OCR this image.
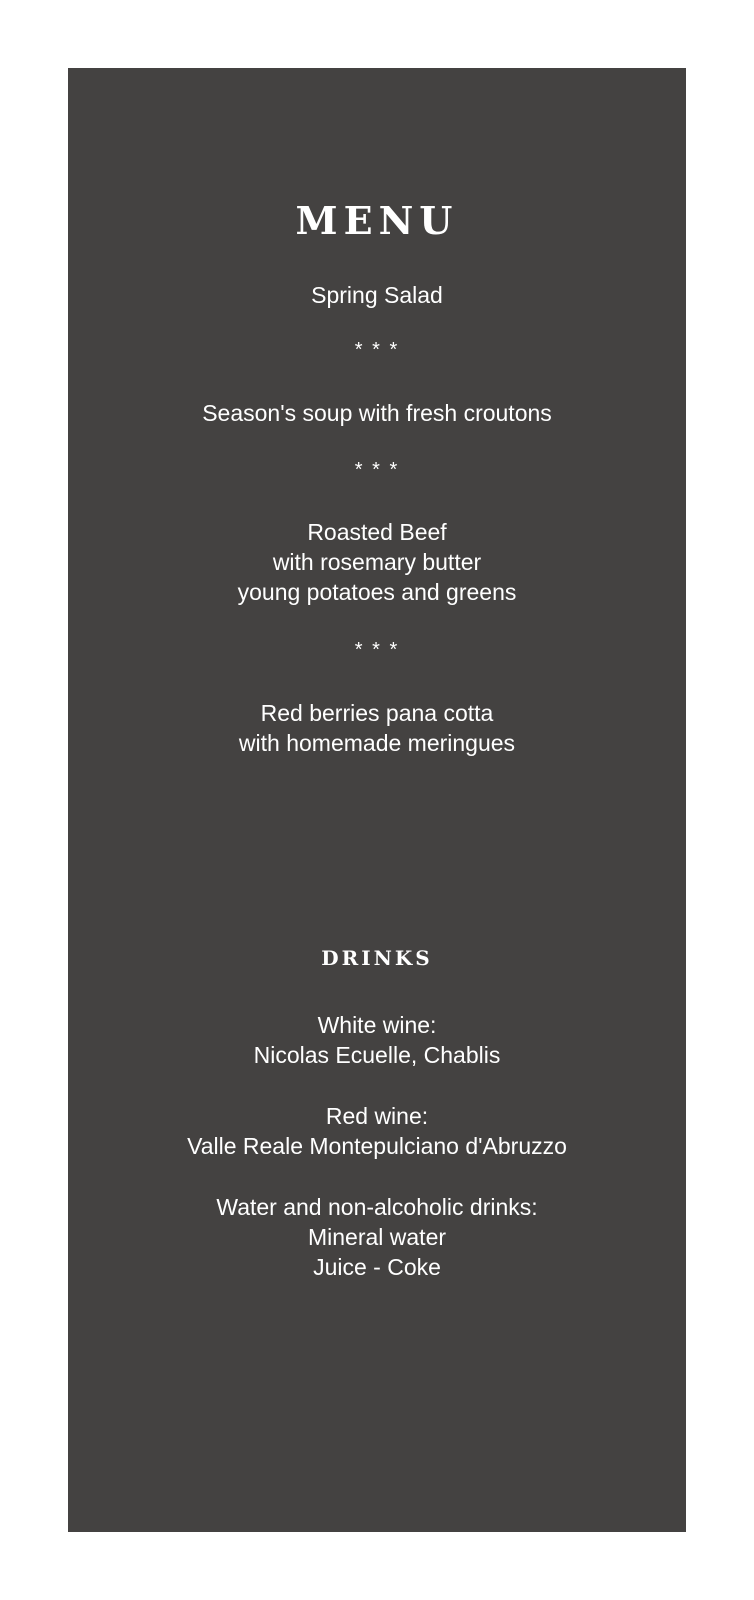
MENU
Spring Salad
* * *
Season's soup with fresh croutons
* * *
Roasted Beef
with rosemary butter
young potatoes and greens
* * *
Red berries pana cotta
with homemade meringues
DRINKS
White wine:
Nicolas Ecuelle, Chablis
Red wine:
Valle Reale Montepulciano d'Abruzzo
Water and non-alcoholic drinks:
Mineral water
Juice - Coke
